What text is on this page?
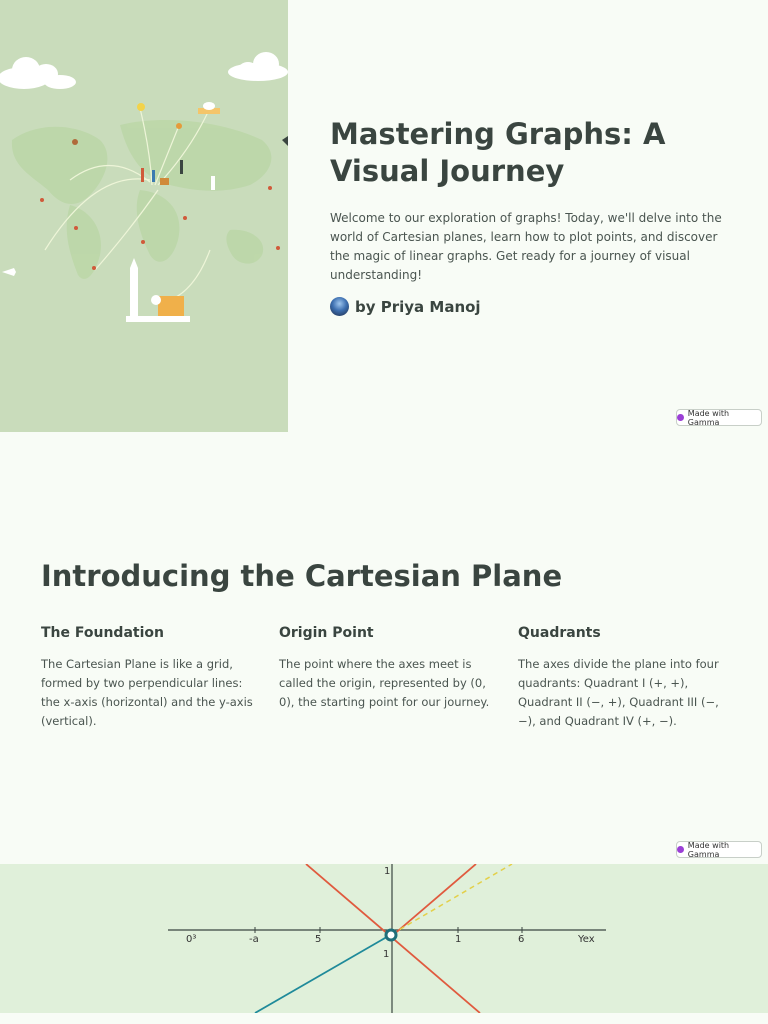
Mastering Graphs: A Visual Journey

Welcome to our exploration of graphs! Today, we'll delve into the world of Cartesian planes, learn how to plot points, and discover the magic of linear graphs. Get ready for a journey of visual understanding!

by Priya Manoj
Made with Gamma
Introducing the Cartesian Plane
The Foundation

The Cartesian Plane is like a grid, formed by two perpendicular lines: the x-axis (horizontal) and the y-axis (vertical).

Origin Point

The point where the axes meet is called the origin, represented by (0, 0), the starting point for our journey.

Quadrants

The axes divide the plane into four quadrants: Quadrant I (+, +), Quadrant II (−, +), Quadrant III (−, −), and Quadrant IV (+, −).

Made with Gamma
0³	-a	5	1	6	Yex
1
1
